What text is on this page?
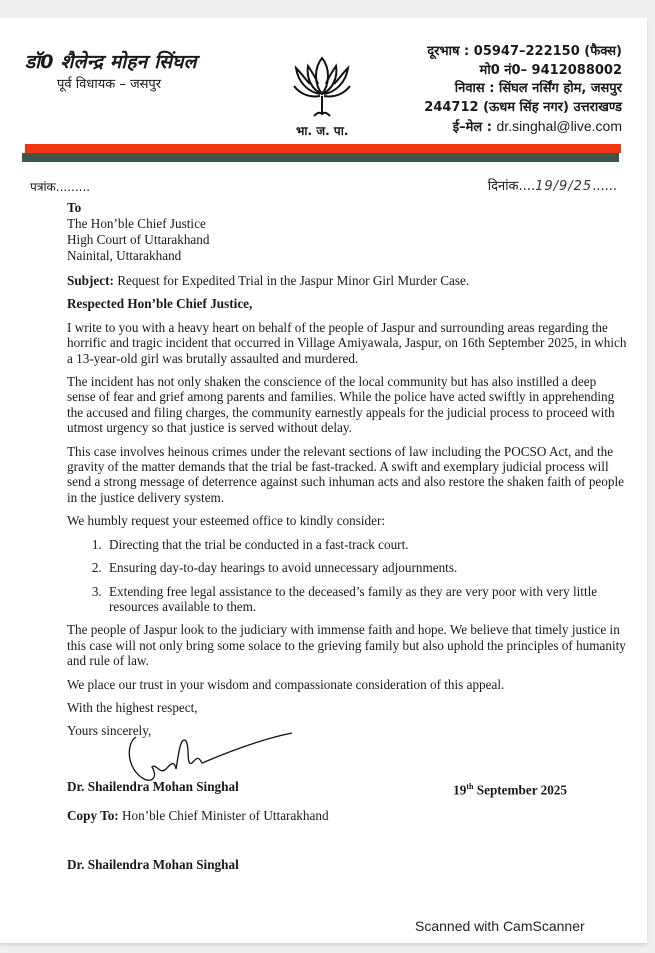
डॉ0 शैलेन्द्र मोहन सिंघल
पूर्व विधायक – जसपुर
भा. ज. पा.
दूरभाष : 05947–222150 (फैक्स)
मो0 नं0– 9412088002
निवास : सिंघल नर्सिंग होम, जसपुर
244712 (ऊधम सिंह नगर) उत्तराखण्ड
ई–मेल : dr.singhal@live.com
पत्रांक.........	दिनांक....19/9/25......

To
The Hon’ble Chief Justice
High Court of Uttarakhand
Nainital, Uttarakhand

Subject: Request for Expedited Trial in the Jaspur Minor Girl Murder Case.

Respected Hon’ble Chief Justice,

I write to you with a heavy heart on behalf of the people of Jaspur and surrounding areas regarding the horrific and tragic incident that occurred in Village Amiyawala, Jaspur, on 16th September 2025, in which a 13-year-old girl was brutally assaulted and murdered.

The incident has not only shaken the conscience of the local community but has also instilled a deep sense of fear and grief among parents and families. While the police have acted swiftly in apprehending the accused and filing charges, the community earnestly appeals for the judicial process to proceed with utmost urgency so that justice is served without delay.

This case involves heinous crimes under the relevant sections of law including the POCSO Act, and the gravity of the matter demands that the trial be fast-tracked. A swift and exemplary judicial process will send a strong message of deterrence against such inhuman acts and also restore the shaken faith of people in the justice delivery system.

We humbly request your esteemed office to kindly consider:

1. Directing that the trial be conducted in a fast-track court.
2. Ensuring day-to-day hearings to avoid unnecessary adjournments.
3. Extending free legal assistance to the deceased’s family as they are very poor with very little resources available to them.

The people of Jaspur look to the judiciary with immense faith and hope. We believe that timely justice in this case will not only bring some solace to the grieving family but also uphold the principles of humanity and rule of law.

We place our trust in your wisdom and compassionate consideration of this appeal.

With the highest respect,

Yours sincerely,

Dr. Shailendra Mohan Singhal	19th September 2025

Copy To: Hon’ble Chief Minister of Uttarakhand

Dr. Shailendra Mohan Singhal
Scanned with CamScanner
